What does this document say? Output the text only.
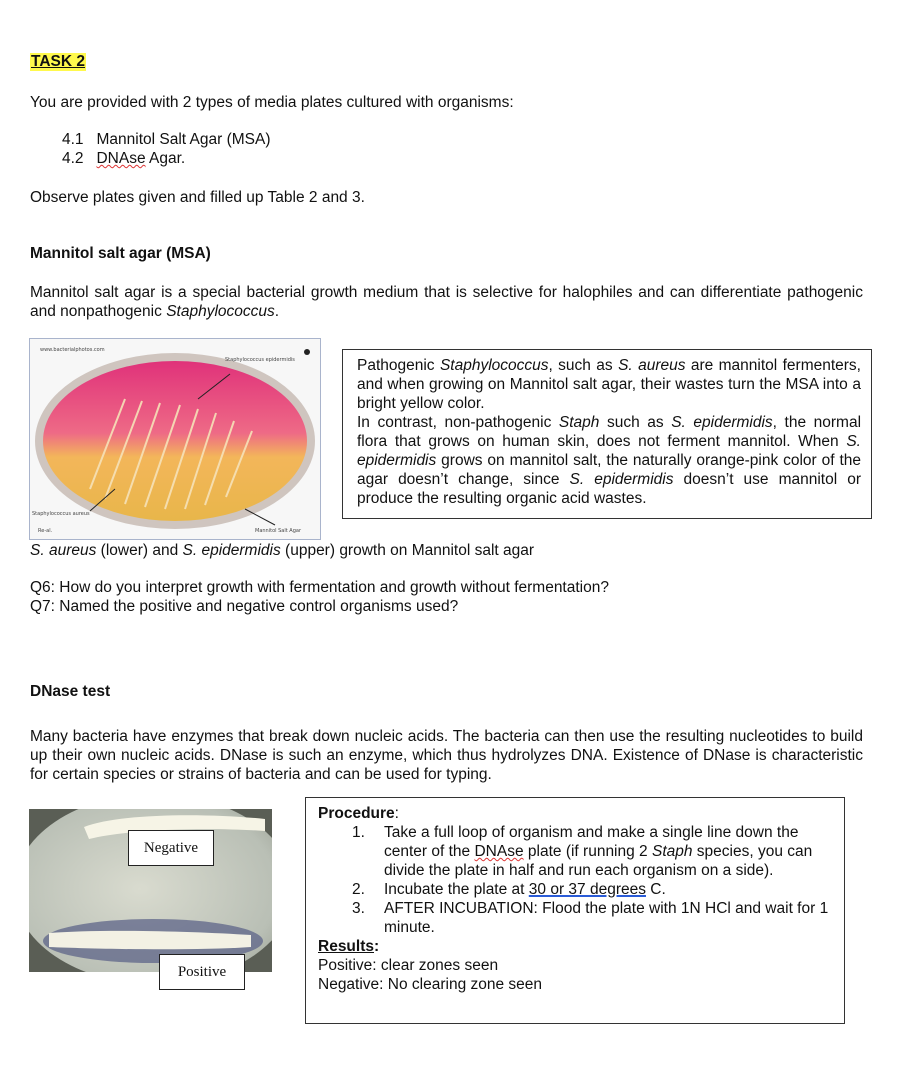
TASK 2
You are provided with 2 types of media plates cultured with organisms:
4.1 Mannitol Salt Agar (MSA)
4.2 DNAse Agar.
Observe plates given and filled up Table 2 and 3.
Mannitol salt agar (MSA)
Mannitol salt agar is a special bacterial growth medium that is selective for halophiles and can differentiate pathogenic and nonpathogenic Staphylococcus.
www.bacterialphotos.com
Staphylococcus epidermidis
Staphylococcus aureus
Mannitol Salt Agar
Re-al.
Pathogenic Staphylococcus, such as S. aureus are mannitol fermenters, and when growing on Mannitol salt agar, their wastes turn the MSA into a bright yellow color.
In contrast, non-pathogenic Staph such as S. epidermidis, the normal flora that grows on human skin, does not ferment mannitol. When S. epidermidis grows on mannitol salt, the naturally orange-pink color of the agar doesn’t change, since S. epidermidis doesn’t use mannitol or produce the resulting organic acid wastes.
S. aureus (lower) and S. epidermidis (upper) growth on Mannitol salt agar
Q6: How do you interpret growth with fermentation and growth without fermentation?
Q7: Named the positive and negative control organisms used?
DNase test
Many bacteria have enzymes that break down nucleic acids. The bacteria can then use the resulting nucleotides to build up their own nucleic acids. DNase is such an enzyme, which thus hydrolyzes DNA. Existence of DNase is characteristic for certain species or strains of bacteria and can be used for typing.
Negative
Positive
Procedure:
1. Take a full loop of organism and make a single line down the center of the DNAse plate (if running 2 Staph species, you can divide the plate in half and run each organism on a side).
2. Incubate the plate at 30 or 37 degrees C.
3. AFTER INCUBATION: Flood the plate with 1N HCl and wait for 1 minute.
Results:
Positive: clear zones seen
Negative: No clearing zone seen
